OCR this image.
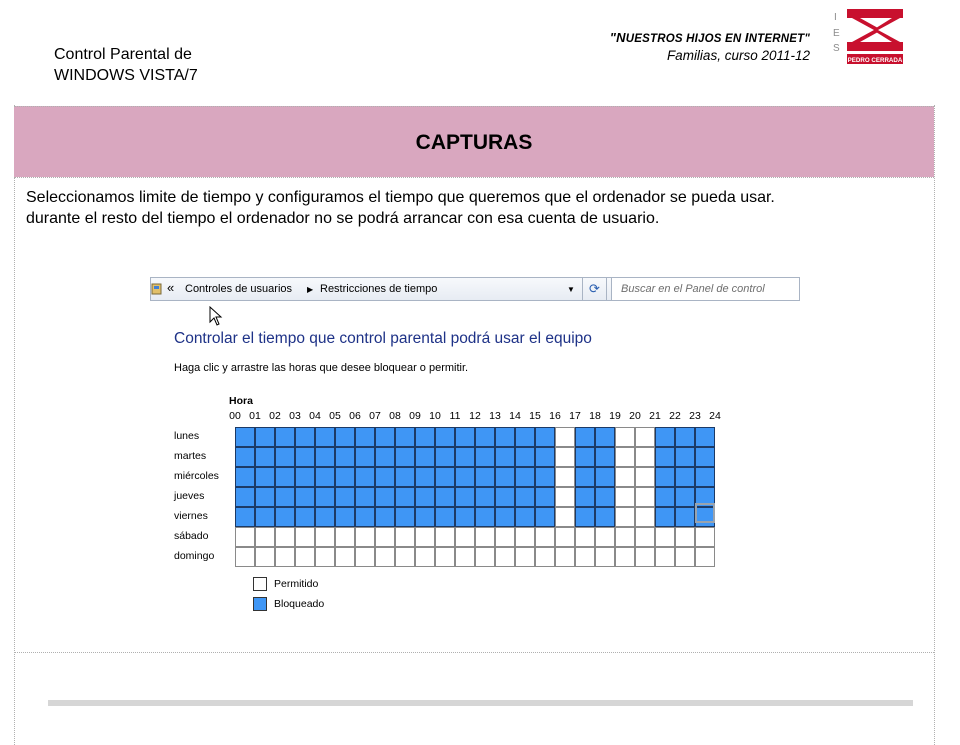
Control Parental de
WINDOWS VISTA/7
"NUESTROS HIJOS EN INTERNET"
Familias, curso 2011-12
I
E
S
PEDRO CERRADA
CAPTURAS
Seleccionamos limite de tiempo y configuramos el tiempo que queremos que el ordenador se pueda usar.
durante el resto del tiempo el ordenador no se podrá arrancar con esa cuenta de usuario.
« Controles de usuarios ▶ Restricciones de tiempo	▼	⟳	Buscar en el Panel de control
Controlar el tiempo que control parental podrá usar el equipo
Haga clic y arrastre las horas que desee bloquear o permitir.
Hora
Permitido
Bloqueado
00 01 02 03 04 05 06 07 08 09 10 11 12 13 14 15 16 17 18 19 20 21 22 23 24
lunes
martes
miércoles
jueves
viernes
sábado
domingo
